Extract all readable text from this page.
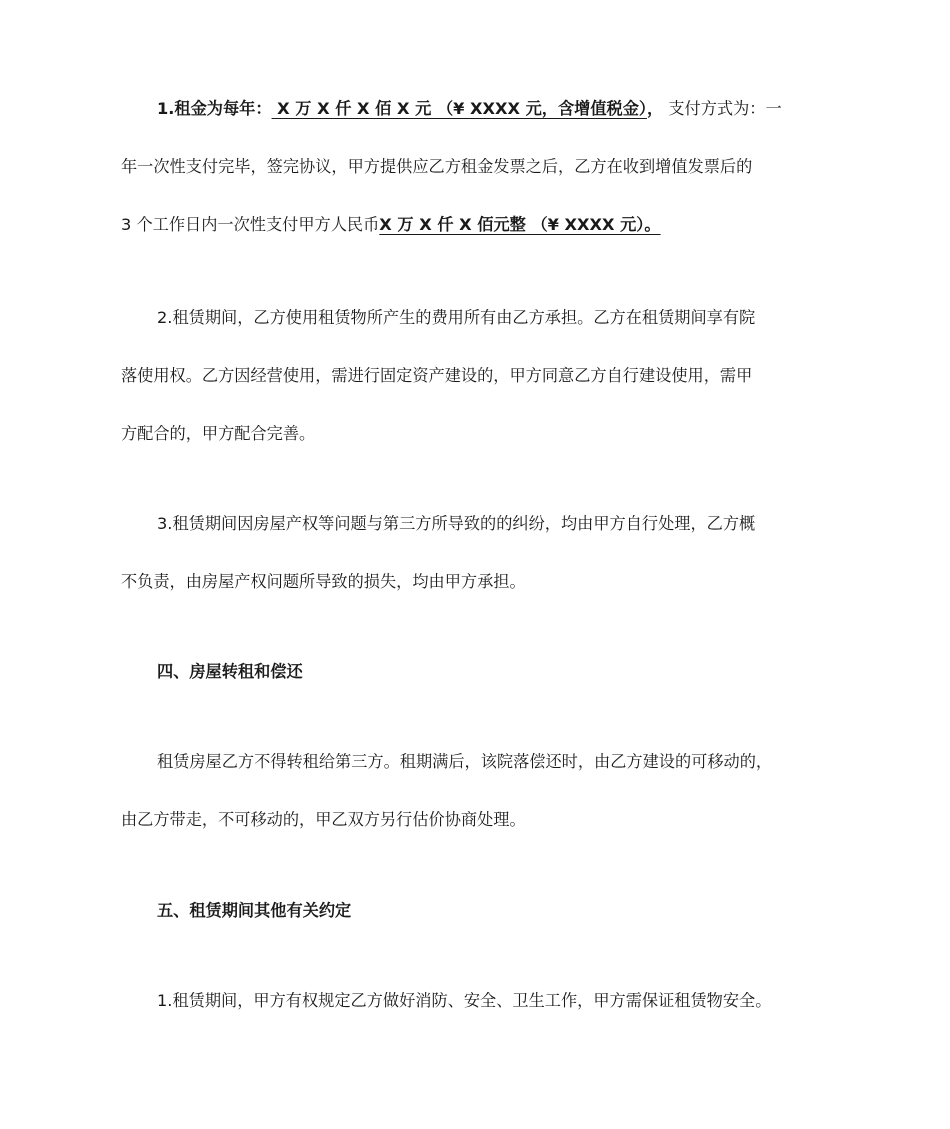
1.租金为每年： X 万 X 仟 X 佰 X 元 （¥ XXXX 元，含增值税金）， 支付方式为：一
年一次性支付完毕，签完协议，甲方提供应乙方租金发票之后，乙方在收到增值发票后的
3 个工作日内一次性支付甲方人民币X 万 X 仟 X 佰元整 （¥ XXXX 元）。
2.租赁期间，乙方使用租赁物所产生的费用所有由乙方承担。乙方在租赁期间享有院
落使用权。乙方因经营使用，需进行固定资产建设的，甲方同意乙方自行建设使用，需甲
方配合的，甲方配合完善。
3.租赁期间因房屋产权等问题与第三方所导致的的纠纷，均由甲方自行处理，乙方概
不负责，由房屋产权问题所导致的损失，均由甲方承担。
四、房屋转租和偿还
租赁房屋乙方不得转租给第三方。租期满后，该院落偿还时，由乙方建设的可移动的，
由乙方带走，不可移动的，甲乙双方另行估价协商处理。
五、租赁期间其他有关约定
1.租赁期间，甲方有权规定乙方做好消防、安全、卫生工作，甲方需保证租赁物安全。
